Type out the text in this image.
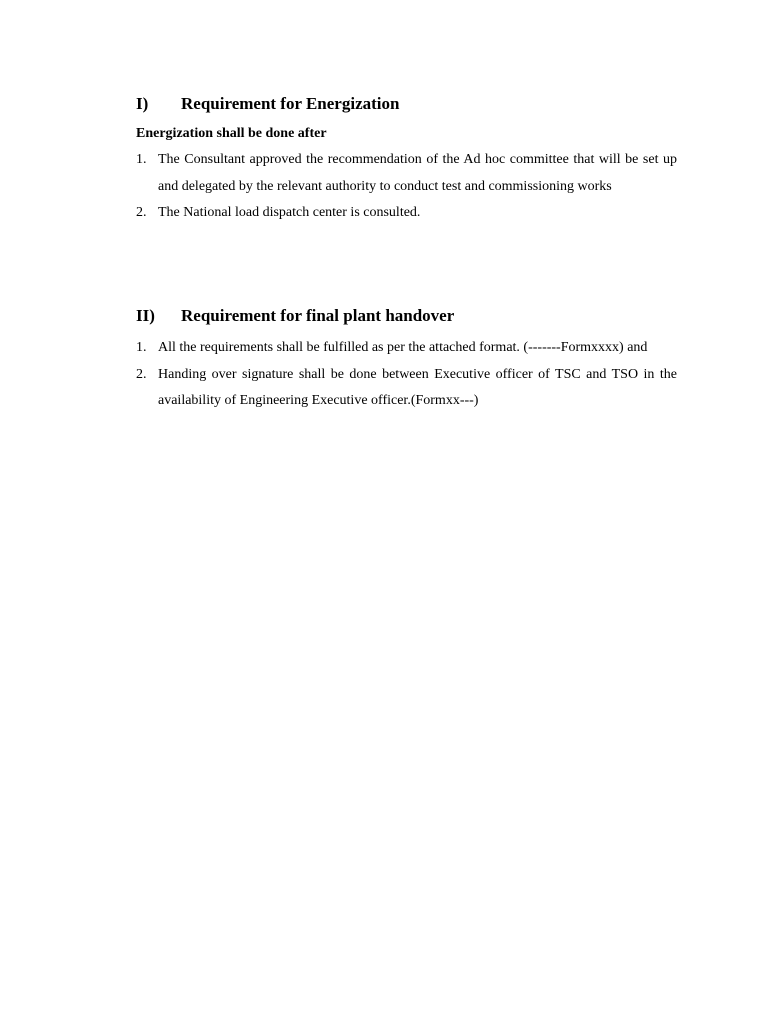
I) Requirement for Energization
Energization shall be done after
1. The Consultant approved the recommendation of the Ad hoc committee that will be set up and delegated by the relevant authority to conduct test and commissioning works
2. The National load dispatch center is consulted.
II) Requirement for final plant handover
1. All the requirements shall be fulfilled as per the attached format. (-------Formxxxx) and
2. Handing over signature shall be done between Executive officer of TSC and TSO in the availability of Engineering Executive officer.(Formxx---)
